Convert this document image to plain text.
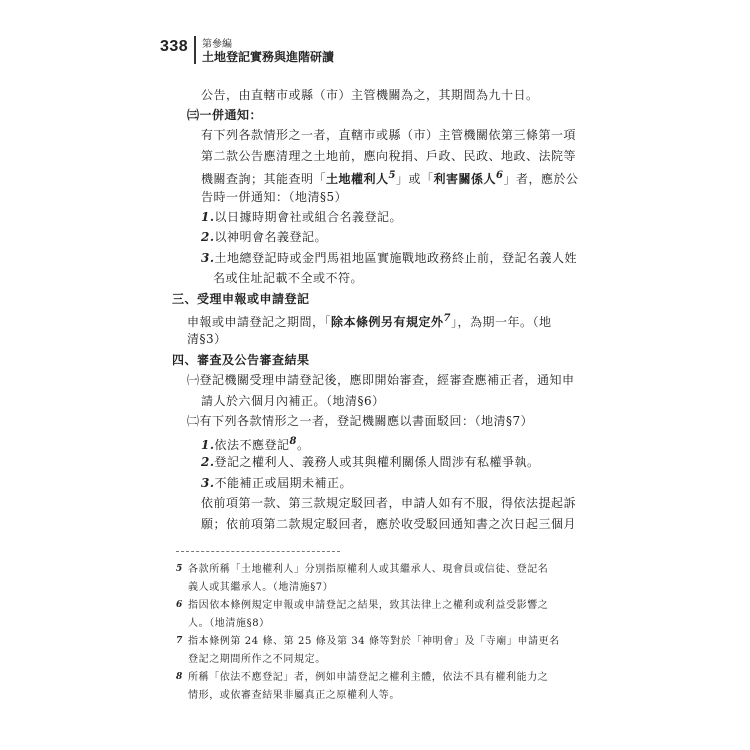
338 第參編
土地登記實務與進階研讀
公告，由直轄市或縣（市）主管機關為之，其期間為九十日。
㈢一併通知：
有下列各款情形之一者，直轄市或縣（市）主管機關依第三條第一項
第二款公告應清理之土地前，應向稅捐、戶政、民政、地政、法院等
機關查詢；其能查明「土地權利人$^5$」或「利害關係人$^6$」者，應於公
告時一併通知：（地清§5）
1.以日據時期會社或組合名義登記。
2.以神明會名義登記。
3.土地總登記時或金門馬祖地區實施戰地政務終止前，登記名義人姓
名或住址記載不全或不符。
三、受理申報或申請登記
申報或申請登記之期間，「除本條例另有規定外$^7$」，為期一年。（地
清§3）
四、審查及公告審查結果
㈠登記機關受理申請登記後，應即開始審查，經審查應補正者，通知申
請人於六個月內補正。（地清§6）
㈡有下列各款情形之一者，登記機關應以書面駁回：（地清§7）
1.依法不應登記$^8$。
2.登記之權利人、義務人或其與權利關係人間涉有私權爭執。
3.不能補正或屆期未補正。
依前項第一款、第三款規定駁回者，申請人如有不服，得依法提起訴
願；依前項第二款規定駁回者，應於收受駁回通知書之次日起三個月
5 各款所稱「土地權利人」分別指原權利人或其繼承人、現會員或信徒、登記名
義人或其繼承人。（地清施§7）
6 指因依本條例規定申報或申請登記之結果，致其法律上之權利或利益受影響之
人。（地清施§8）
7 指本條例第 24 條、第 25 條及第 34 條等對於「神明會」及「寺廟」申請更名
登記之期間所作之不同規定。
8 所稱「依法不應登記」者，例如申請登記之權利主體，依法不具有權利能力之
情形，或依審查結果非屬真正之原權利人等。
